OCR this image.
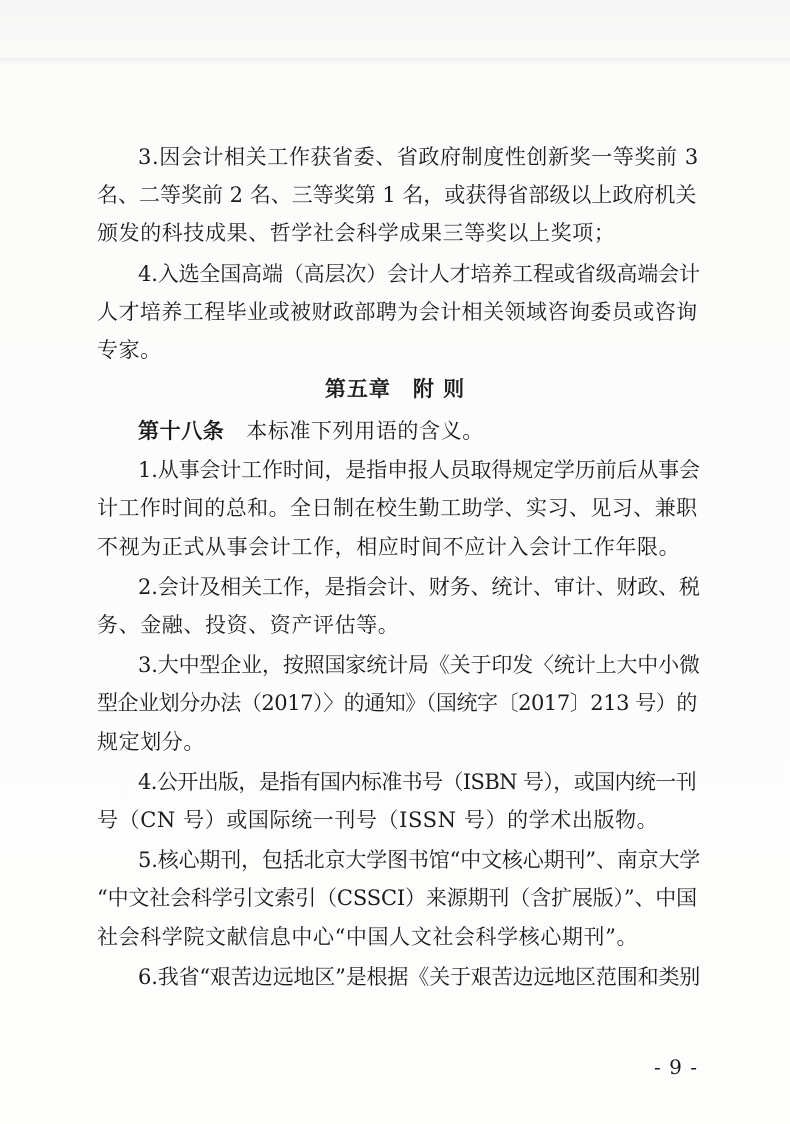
3.因会计相关工作获省委、省政府制度性创新奖一等奖前 3
名、二等奖前 2 名、三等奖第 1 名，或获得省部级以上政府机关
颁发的科技成果、哲学社会科学成果三等奖以上奖项；
4.入选全国高端（高层次）会计人才培养工程或省级高端会计
人才培养工程毕业或被财政部聘为会计相关领域咨询委员或咨询
专家。
第五章 附 则
第十八条 本标准下列用语的含义。
1.从事会计工作时间，是指申报人员取得规定学历前后从事会
计工作时间的总和。全日制在校生勤工助学、实习、见习、兼职
不视为正式从事会计工作，相应时间不应计入会计工作年限。
2.会计及相关工作，是指会计、财务、统计、审计、财政、税
务、金融、投资、资产评估等。
3.大中型企业，按照国家统计局《关于印发〈统计上大中小微
型企业划分办法（2017）〉的通知》（国统字〔2017〕213 号）的
规定划分。
4.公开出版，是指有国内标准书号（ISBN 号），或国内统一刊
号（CN 号）或国际统一刊号（ISSN 号）的学术出版物。
5.核心期刊，包括北京大学图书馆“中文核心期刊”、南京大学
“中文社会科学引文索引（CSSCI）来源期刊（含扩展版）”、中国
社会科学院文献信息中心“中国人文社会科学核心期刊”。
6.我省“艰苦边远地区”是根据《关于艰苦边远地区范围和类别
- 9 -
